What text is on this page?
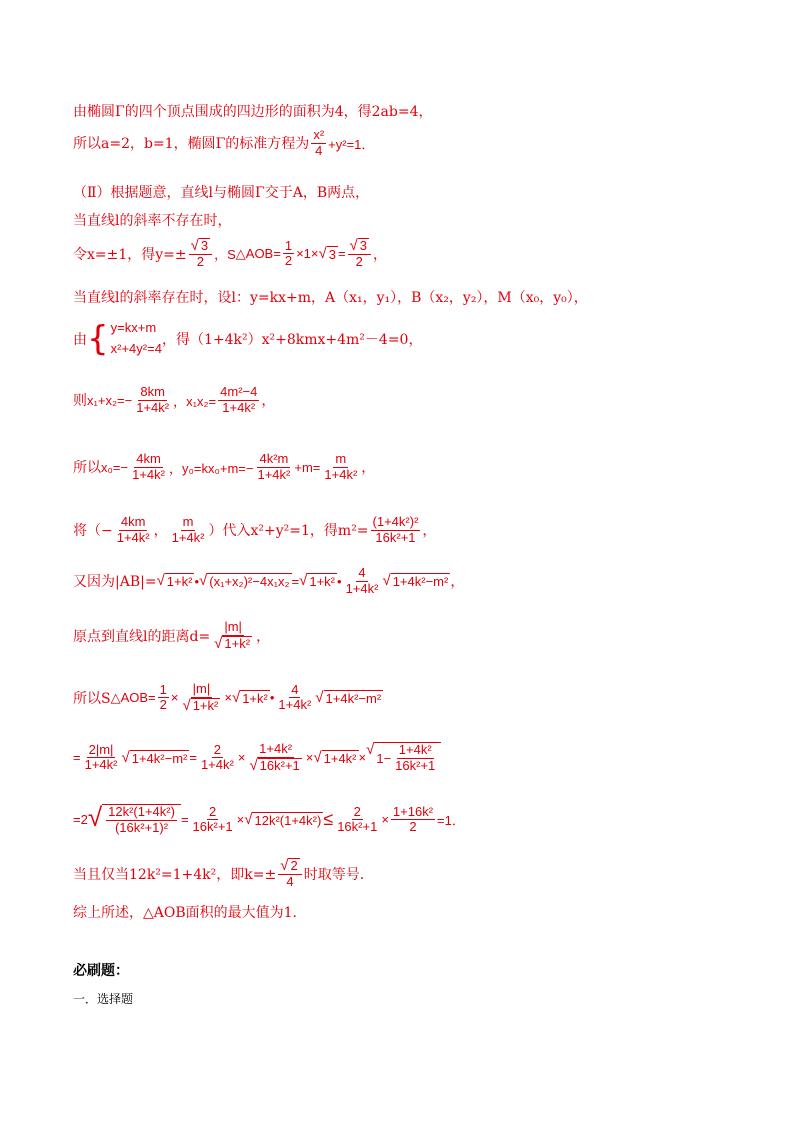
由椭圆Γ的四个顶点围成的四边形的面积为4，得2ab=4，
所以a=2，b=1，椭圆Γ的标准方程为 $\frac{\text{x²}}{4} +y^2=1$．
（Ⅱ）根据题意，直线l与椭圆Γ交于A，B两点，
当直线l的斜率不存在时，
令x=±1，得$y=\pm \frac{√ 3}{2}$ ，S △AOB = $\frac{1}{2} \times 1\times$ √ $3 = \frac{√ 3}{2}$ ，
当直线l的斜率存在时，设l：y=kx+m，A（x₁，y₁），B（x₂，y₂），M（x₀，y₀），
由 { y=kx+m
x²+4y²=4
，得（1+4k²）x²+8kmx+4m²－4=0，
则 $x_1+x_2=- \frac{8km}{\text{1+4k²}}$ ，$x_1x_2= \frac{\text{4m²−4}}{\text{1+4k²}}$ ，
所以 $x_0=- \frac{4km}{\text{1+4k²}}$ ，$y_0=kx_0+m=- \frac{\text{4k²m}}{\text{1+4k²}} +m= \frac{m}{\text{1+4k²}}$ ，
将（− $\frac{4km}{\text{1+4k²}}$ ， $\frac{m}{\text{1+4k²}}$ ）代入x²+y²=1，得$m^2= \frac{\text{(1+4k²)²}}{\text{16k²+1}}$ ，
又因为|AB|= √ 1+k² • √ (x₁+x₂)²−4x₁x₂ = √ 1+k² • $\frac{4}{\text{1+4k²}}$ √ 1+4k²−m² ，
原点到直线l的距离$d= \frac{|m|}{\text{√ 1+k²}}$ ，
所以S △AOB = $\frac{1}{2} \times \frac{|m|}{\text{√ 1+k²}}$ × √ 1+k² • $\frac{4}{\text{1+4k²}}$ √ 1+4k²−m²
= $\frac{2|m|}{\text{1+4k²}}$ √ $1+4k^2-m^2 = \frac{2}{\text{1+4k²}} \times \frac{\text{1+4k²}}{\text{√ 16k²+1}}$ × √ 1+4k² × √
$1- \frac{\text{1+4k²}}{\text{16k²+1}}$
=2 √ $\frac{\text{12k²(1+4k²)}}{\text{(16k²+1)²}} = \frac{2}{\text{16k²+1}}$ × √ $12k^2(1+4k^2) \le \frac{2}{\text{16k²+1}} \times \frac{\text{1+16k²}}{2} =1$．
当且仅当12k²=1+4k²，即$k=\pm \frac{√ 2}{4}$ 时取等号．
综上所述，△AOB面积的最大值为1．
必刷题：
一．选择题
